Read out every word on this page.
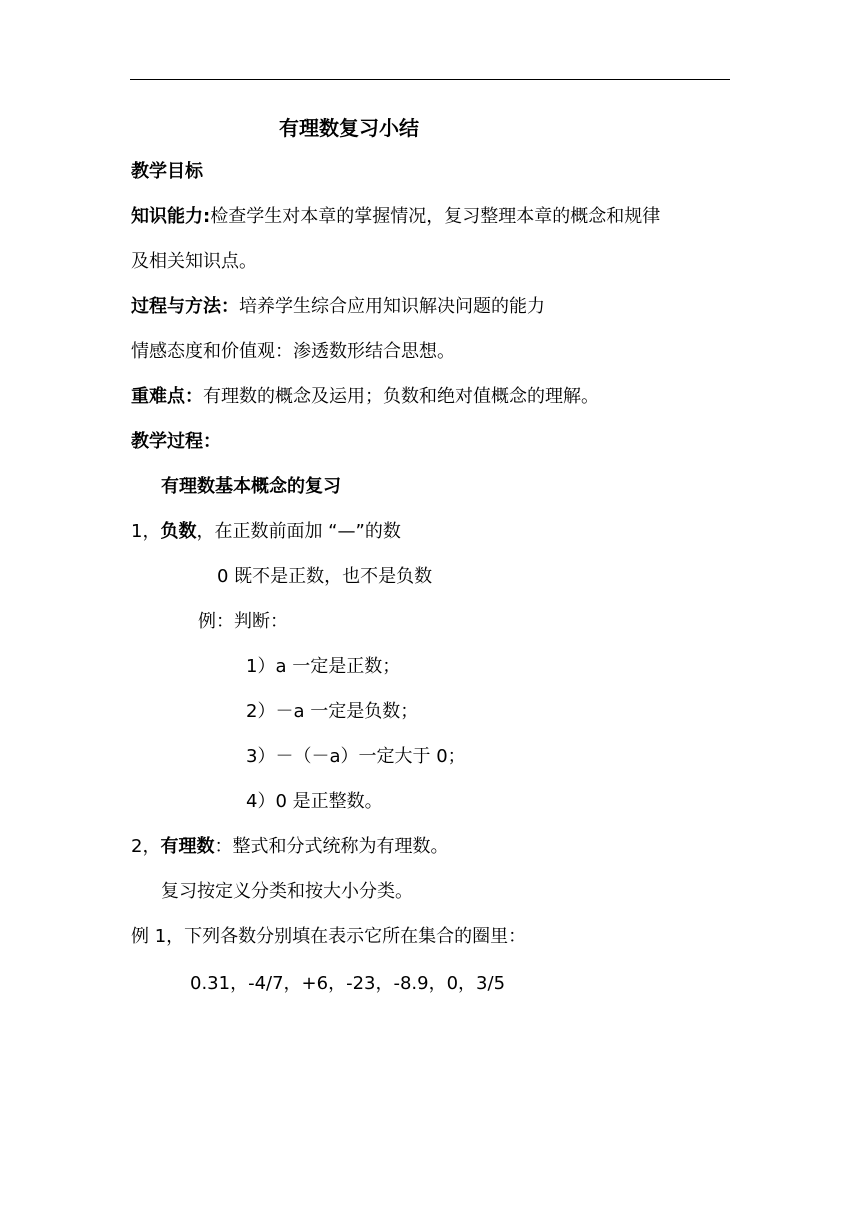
有理数复习小结
教学目标
知识能力:检查学生对本章的掌握情况，复习整理本章的概念和规律
及相关知识点。
过程与方法：培养学生综合应用知识解决问题的能力
情感态度和价值观：渗透数形结合思想。
重难点：有理数的概念及运用；负数和绝对值概念的理解。
教学过程：
有理数基本概念的复习
1，负数，在正数前面加 “—”的数
0 既不是正数，也不是负数
例：判断：
1）a 一定是正数；
2）－a 一定是负数；
3）－（－a）一定大于 0；
4）0 是正整数。
2，有理数：整式和分式统称为有理数。
复习按定义分类和按大小分类。
例 1，下列各数分别填在表示它所在集合的圈里：
0.31，-4/7，+6，-23，-8.9，0，3/5
